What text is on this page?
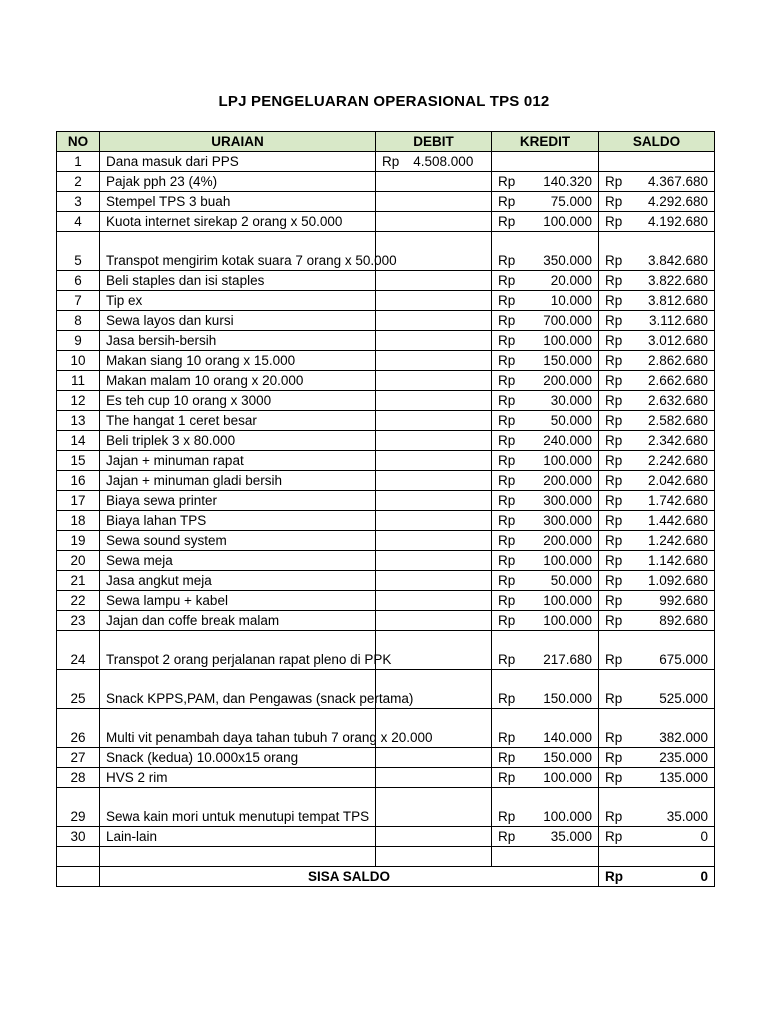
LPJ PENGELUARAN OPERASIONAL TPS 012
NO	URAIAN	DEBIT	KREDIT	SALDO
1	Dana masuk dari PPS	Rp 4.508.000		
2	Pajak pph 23 (4%)		Rp 140.320	Rp 4.367.680

3	Stempel TPS 3 buah		Rp 75.000	Rp 4.292.680

4	Kuota internet sirekap 2 orang x 50.000		Rp 100.000	Rp 4.192.680

5	Transpot mengirim kotak suara 7 orang x 50.000		Rp 350.000	Rp 3.842.680

6	Beli staples dan isi staples		Rp 20.000	Rp 3.822.680

7	Tip ex		Rp 10.000	Rp 3.812.680

8	Sewa layos dan kursi		Rp 700.000	Rp 3.112.680

9	Jasa bersih-bersih		Rp 100.000	Rp 3.012.680

10	Makan siang 10 orang x 15.000		Rp 150.000	Rp 2.862.680

11	Makan malam 10 orang x 20.000		Rp 200.000	Rp 2.662.680

12	Es teh cup 10 orang x 3000		Rp 30.000	Rp 2.632.680

13	The hangat 1 ceret besar		Rp 50.000	Rp 2.582.680

14	Beli triplek 3 x 80.000		Rp 240.000	Rp 2.342.680

15	Jajan + minuman rapat		Rp 100.000	Rp 2.242.680

16	Jajan + minuman gladi bersih		Rp 200.000	Rp 2.042.680

17	Biaya sewa printer		Rp 300.000	Rp 1.742.680

18	Biaya lahan TPS		Rp 300.000	Rp 1.442.680

19	Sewa sound system		Rp 200.000	Rp 1.242.680

20	Sewa meja		Rp 100.000	Rp 1.142.680

21	Jasa angkut meja		Rp 50.000	Rp 1.092.680

22	Sewa lampu + kabel		Rp 100.000	Rp 992.680

23	Jajan dan coffe break malam		Rp 100.000	Rp 892.680

24	Transpot 2 orang perjalanan rapat pleno di PPK		Rp 217.680	Rp 675.000

25	Snack KPPS,PAM, dan Pengawas (snack pertama)		Rp 150.000	Rp 525.000

26	Multi vit penambah daya tahan tubuh 7 orang x 20.000		Rp 140.000	Rp 382.000

27	Snack (kedua) 10.000x15 orang		Rp 150.000	Rp 235.000

28	HVS 2 rim		Rp 100.000	Rp 135.000

29	Sewa kain mori untuk menutupi tempat TPS		Rp 100.000	Rp 35.000

30	Lain-lain		Rp 35.000	Rp 0

	SISA SALDO			Rp 0
